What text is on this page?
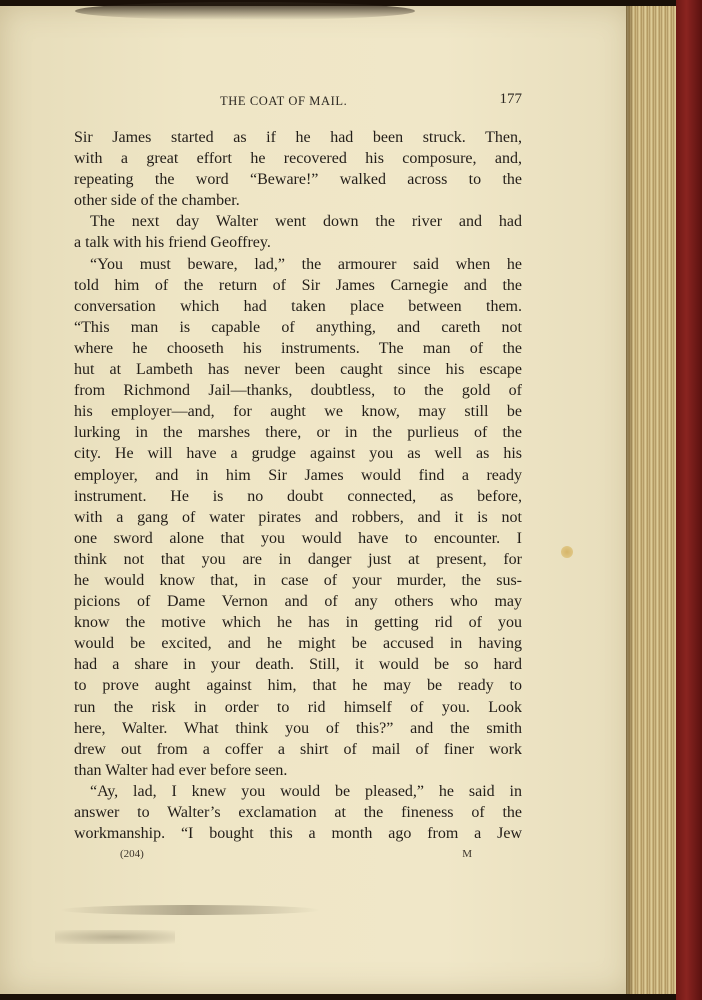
THE COAT OF MAIL.	177
Sir James started as if he had been struck. Then,
with a great effort he recovered his composure, and,
repeating the word “Beware!” walked across to the
other side of the chamber.
The next day Walter went down the river and had
a talk with his friend Geoffrey.
“You must beware, lad,” the armourer said when he
told him of the return of Sir James Carnegie and the
conversation which had taken place between them.
“This man is capable of anything, and careth not
where he chooseth his instruments. The man of the
hut at Lambeth has never been caught since his escape
from Richmond Jail—thanks, doubtless, to the gold of
his employer—and, for aught we know, may still be
lurking in the marshes there, or in the purlieus of the
city. He will have a grudge against you as well as his
employer, and in him Sir James would find a ready
instrument. He is no doubt connected, as before,
with a gang of water pirates and robbers, and it is not
one sword alone that you would have to encounter. I
think not that you are in danger just at present, for
he would know that, in case of your murder, the sus-
picions of Dame Vernon and of any others who may
know the motive which he has in getting rid of you
would be excited, and he might be accused in having
had a share in your death. Still, it would be so hard
to prove aught against him, that he may be ready to
run the risk in order to rid himself of you. Look
here, Walter. What think you of this?” and the smith
drew out from a coffer a shirt of mail of finer work
than Walter had ever before seen.
“Ay, lad, I knew you would be pleased,” he said in
answer to Walter’s exclamation at the fineness of the
workmanship. “I bought this a month ago from a Jew
(204)	M
